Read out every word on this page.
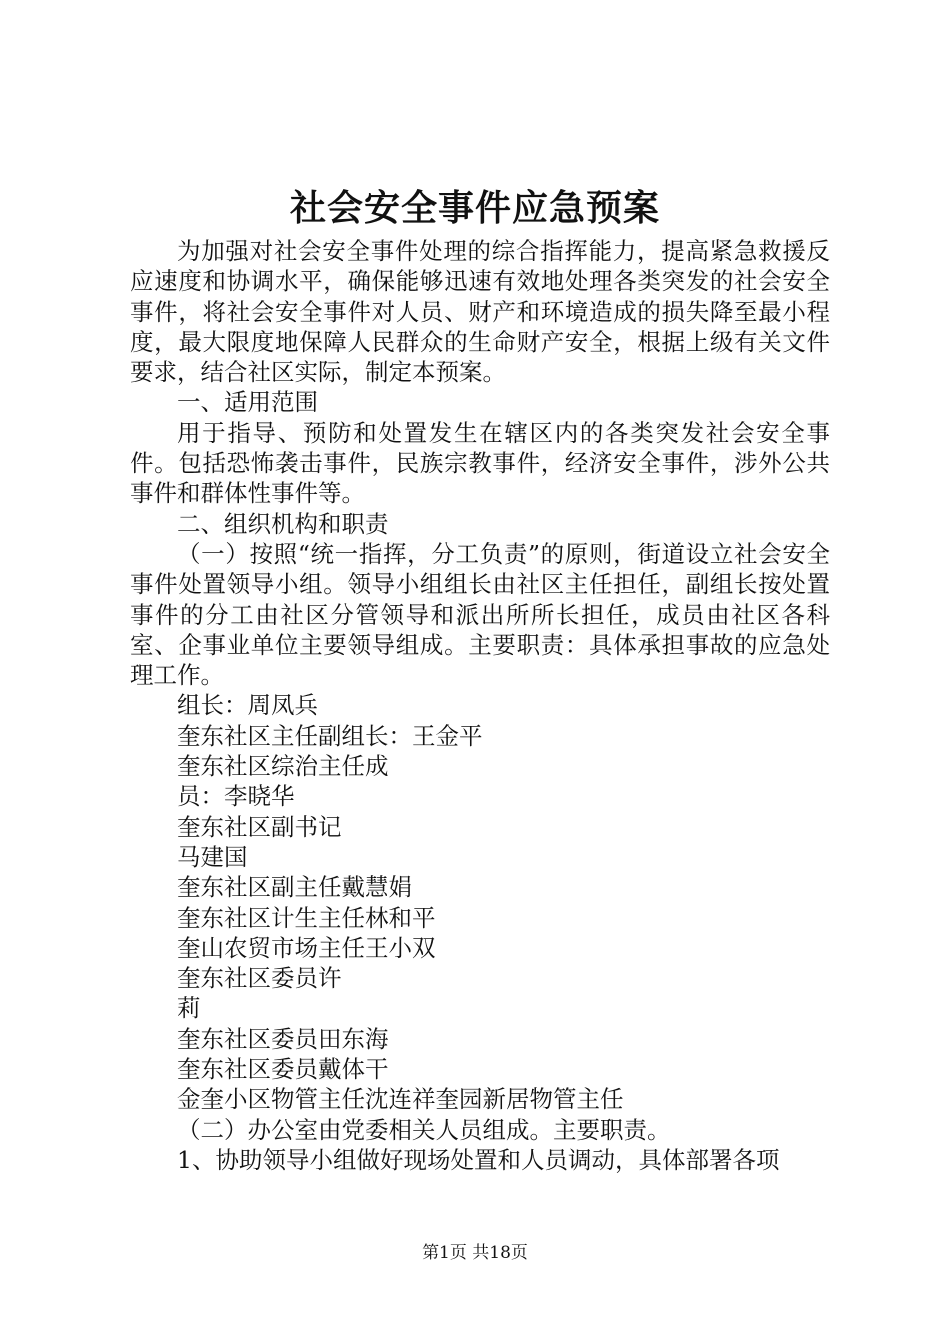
社会安全事件应急预案

为加强对社会安全事件处理的综合指挥能力，提高紧急救援反应速度和协调水平，确保能够迅速有效地处理各类突发的社会安全事件，将社会安全事件对人员、财产和环境造成的损失降至最小程度，最大限度地保障人民群众的生命财产安全，根据上级有关文件要求，结合社区实际，制定本预案。

一、适用范围

用于指导、预防和处置发生在辖区内的各类突发社会安全事件。包括恐怖袭击事件，民族宗教事件，经济安全事件，涉外公共事件和群体性事件等。

二、组织机构和职责

（一）按照“统一指挥，分工负责”的原则，街道设立社会安全事件处置领导小组。领导小组组长由社区主任担任，副组长按处置事件的分工由社区分管领导和派出所所长担任，成员由社区各科室、企事业单位主要领导组成。主要职责：具体承担事故的应急处理工作。

组长：周凤兵

奎东社区主任副组长：王金平

奎东社区综治主任成

员：李晓华

奎东社区副书记

马建国

奎东社区副主任戴慧娟

奎东社区计生主任林和平

奎山农贸市场主任王小双

奎东社区委员许

莉

奎东社区委员田东海

奎东社区委员戴体干

金奎小区物管主任沈连祥奎园新居物管主任

（二）办公室由党委相关人员组成。主要职责。

1、协助领导小组做好现场处置和人员调动，具体部署各项

第1页 共18页
